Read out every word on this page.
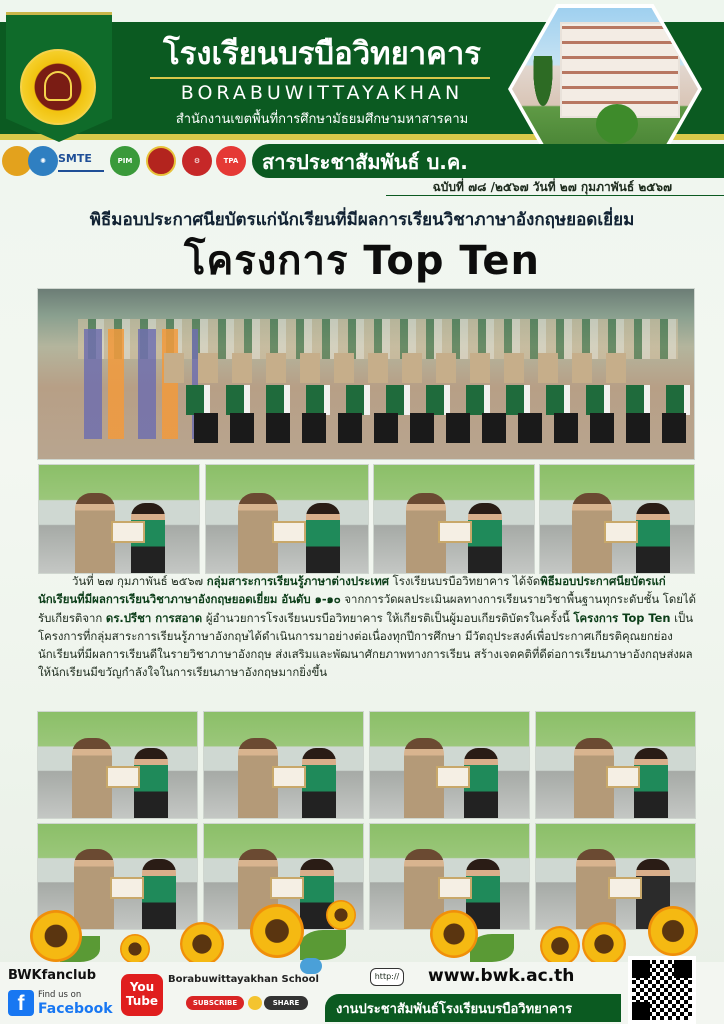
โรงเรียนบรบือวิทยาคาร
BORABUWITTAYAKHAN
สำนักงานเขตพื้นที่การศึกษามัธยมศึกษามหาสารคาม
✺	SMTE	PIM	⚙	TPA	สารประชาสัมพันธ์ บ.ค.
ฉบับที่ ๗๘ /๒๕๖๗ วันที่ ๒๗ กุมภาพันธ์ ๒๕๖๗
พิธีมอบประกาศนียบัตรแก่นักเรียนที่มีผลการเรียนวิชาภาษาอังกฤษยอดเยี่ยม
โครงการ Top Ten
วันที่ ๒๗ กุมภาพันธ์ ๒๕๖๗ กลุ่มสาระการเรียนรู้ภาษาต่างประเทศ โรงเรียนบรบือวิทยาคาร ได้จัดพิธีมอบประกาศนียบัตรแก่นักเรียนที่มีผลการเรียนวิชาภาษาอังกฤษยอดเยี่ยม อันดับ ๑-๑๐ จากการวัดผลประเมินผลทางการเรียนรายวิชาพื้นฐานทุกระดับชั้น โดยได้รับเกียรติจาก ดร.ปรีชา การสอาด ผู้อำนวยการโรงเรียนบรบือวิทยาคาร ให้เกียรติเป็นผู้มอบเกียรติบัตรในครั้งนี้ โครงการ Top Ten เป็นโครงการที่กลุ่มสาระการเรียนรู้ภาษาอังกฤษได้ดำเนินการมาอย่างต่อเนื่องทุกปีการศึกษา มีวัตถุประสงค์เพื่อประกาศเกียรติคุณยกย่องนักเรียนที่มีผลการเรียนดีในรายวิชาภาษาอังกฤษ ส่งเสริมและพัฒนาศักยภาพทางการเรียน สร้างเจตคติที่ดีต่อการเรียนภาษาอังกฤษส่งผลให้นักเรียนมีขวัญกำลังใจในการเรียนภาษาอังกฤษมากยิ่งขึ้น
BWKfanclub
f	Find us on
Facebook
You Tube
Borabuwittayakhan School
SUBSCRIBE	SHARE
http:// www.bwk.ac.th
งานประชาสัมพันธ์โรงเรียนบรบือวิทยาคาร
